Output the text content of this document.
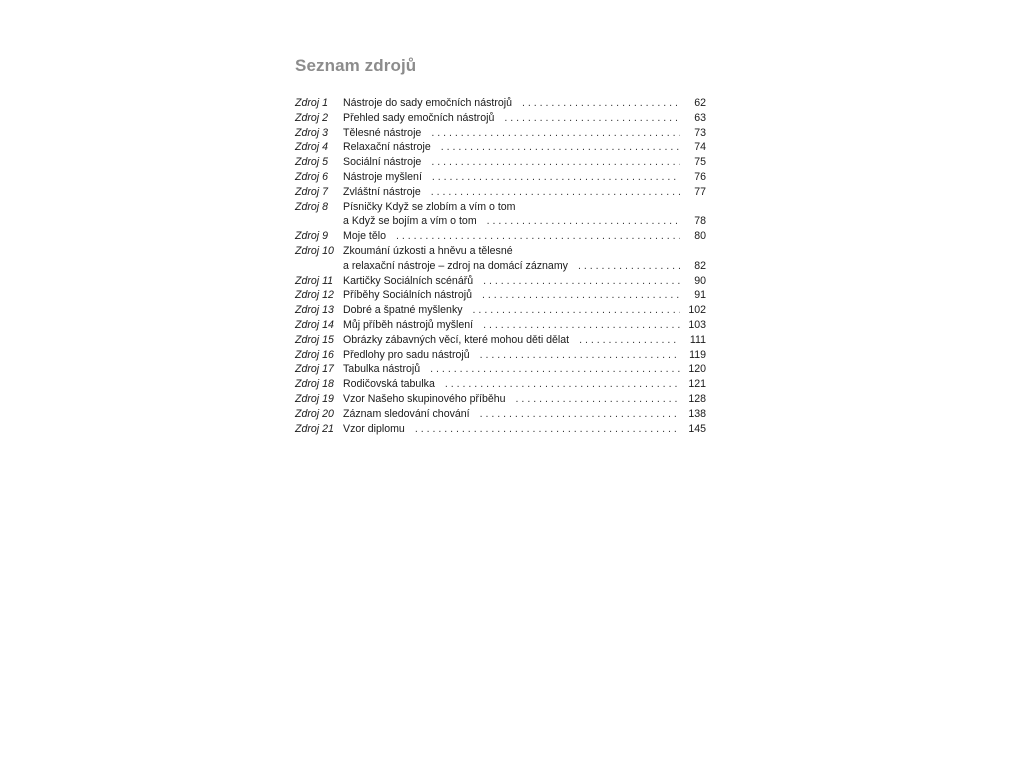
Seznam zdrojů
Zdroj 1	Nástroje do sady emočních nástrojů . . .	62
Zdroj 2	Přehled sady emočních nástrojů . . .	63
Zdroj 3	Tělesné nástroje . . .	73
Zdroj 4	Relaxační nástroje . . .	74
Zdroj 5	Sociální nástroje . . .	75
Zdroj 6	Nástroje myšlení . . .	76
Zdroj 7	Zvláštní nástroje . . .	77
Zdroj 8	Písničky Když se zlobím a vím o tom
a Když se bojím a vím o tom . . .	78
Zdroj 9	Moje tělo . . .	80
Zdroj 10 Zkoumání úzkosti a hněvu a tělesné
a relaxační nástroje – zdroj na domácí záznamy . . .	82
Zdroj 11 Kartičky Sociálních scénářů . . .	90
Zdroj 12 Příběhy Sociálních nástrojů . . .	91
Zdroj 13 Dobré a špatné myšlenky . . .	102
Zdroj 14 Můj příběh nástrojů myšlení . . .	103
Zdroj 15 Obrázky zábavných věcí, které mohou děti dělat . . .	111
Zdroj 16 Předlohy pro sadu nástrojů . . .	119
Zdroj 17 Tabulka nástrojů . . .	120
Zdroj 18 Rodičovská tabulka . . .	121
Zdroj 19 Vzor Našeho skupinového příběhu . . .	128
Zdroj 20 Záznam sledování chování . . .	138
Zdroj 21 Vzor diplomu . . .	145
